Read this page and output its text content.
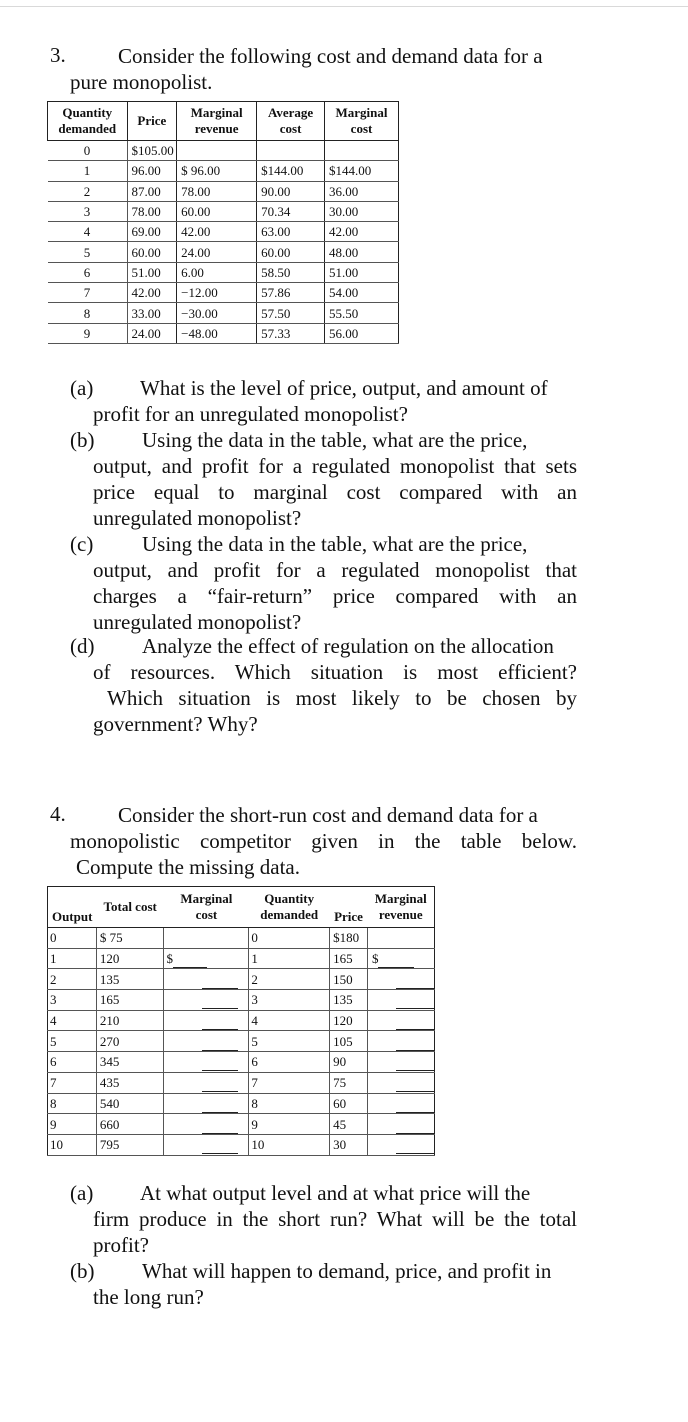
3. Consider the following cost and demand data for a
pure monopolist.
Quantity demanded	Price	Marginal revenue	Average cost	Marginal cost
0	$105.00			
1	96.00	$ 96.00	$144.00	$144.00
2	87.00	78.00	90.00	36.00
3	78.00	60.00	70.34	30.00
4	69.00	42.00	63.00	42.00
5	60.00	24.00	60.00	48.00
6	51.00	6.00	58.50	51.00
7	42.00	−12.00	57.86	54.00
8	33.00	−30.00	57.50	55.50
9	24.00	−48.00	57.33	56.00
(a) What is the level of price, output, and amount of
profit for an unregulated monopolist?
(b) Using the data in the table, what are the price,
output, and profit for a regulated monopolist that sets
price equal to marginal cost compared with an
unregulated monopolist?
(c) Using the data in the table, what are the price,
output, and profit for a regulated monopolist that
charges a “fair-return” price compared with an
unregulated monopolist?
(d) Analyze the effect of regulation on the allocation
of resources. Which situation is most efficient?
Which situation is most likely to be chosen by
government? Why?
4. Consider the short-run cost and demand data for a
monopolistic competitor given in the table below.
Compute the missing data.
Output	Total cost	Marginal cost	Quantity demanded	Price	Marginal revenue
0	$ 75		0	$180	
1	120	$	1	165	$
2	135		2	150	
3	165		3	135	
4	210		4	120	
5	270		5	105	
6	345		6	90	
7	435		7	75	
8	540		8	60	
9	660		9	45	
10	795		10	30	
(a) At what output level and at what price will the
firm produce in the short run? What will be the total
profit?
(b) What will happen to demand, price, and profit in
the long run?
